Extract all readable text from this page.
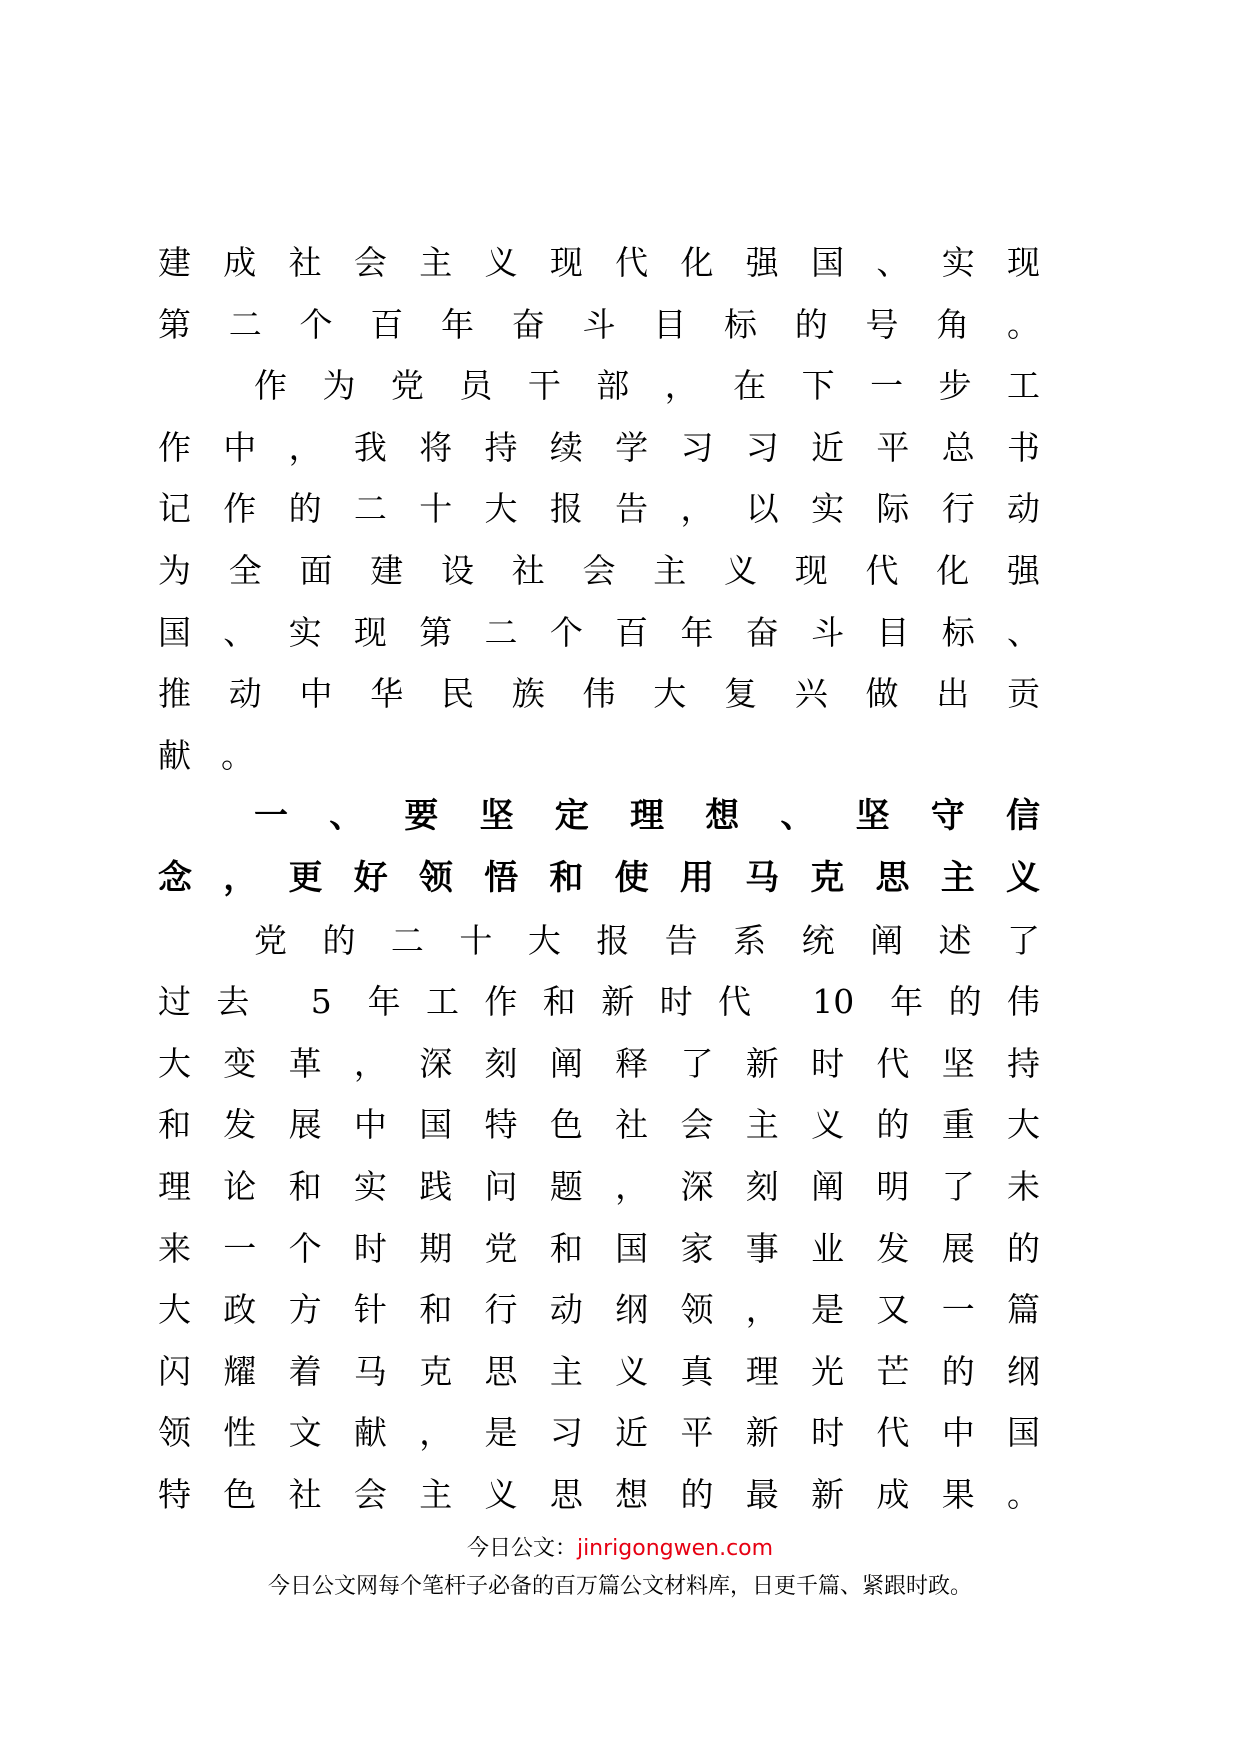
建成社会主义现代化强国、实现
第二个百年奋斗目标的号角。
作为党员干部，在下一步工
作中，我将持续学习习近平总书
记作的二十大报告，以实际行动
为全面建设社会主义现代化强
国、实现第二个百年奋斗目标、
推动中华民族伟大复兴做出贡
献。
一、要坚定理想、坚守信
念，更好领悟和使用马克思主义
党的二十大报告系统阐述了
过去 5 年工作和新时代 10 年的伟
大变革，深刻阐释了新时代坚持
和发展中国特色社会主义的重大
理论和实践问题，深刻阐明了未
来一个时期党和国家事业发展的
大政方针和行动纲领，是又一篇
闪耀着马克思主义真理光芒的纲
领性文献，是习近平新时代中国
特色社会主义思想的最新成果。
今日公文：jinrigongwen.com
今日公文网每个笔杆子必备的百万篇公文材料库，日更千篇、紧跟时政。
